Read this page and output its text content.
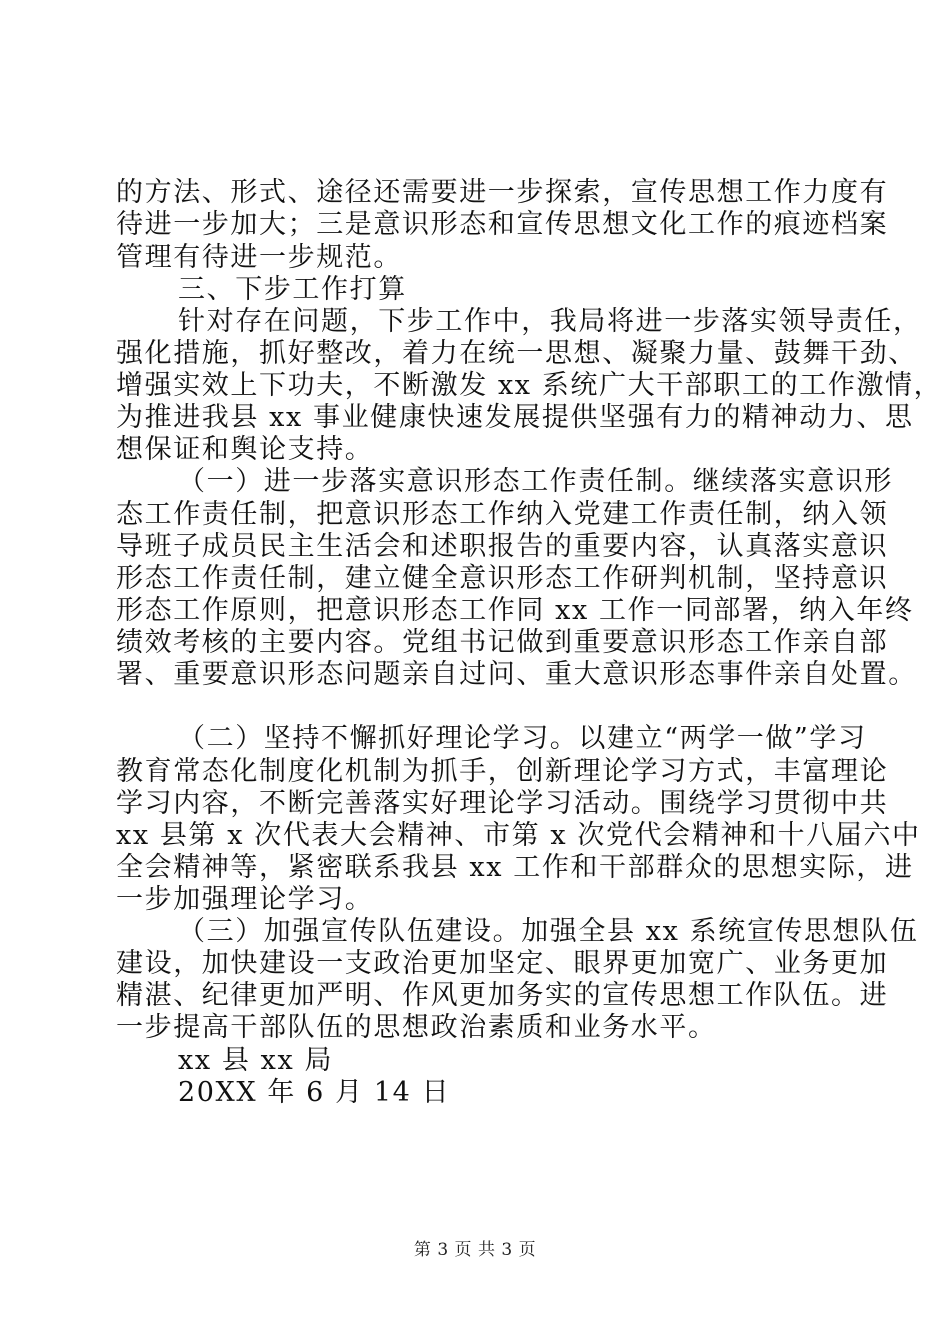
的方法、形式、途径还需要进一步探索，宣传思想工作力度有
待进一步加大；三是意识形态和宣传思想文化工作的痕迹档案
管理有待进一步规范。
三、下步工作打算
针对存在问题，下步工作中，我局将进一步落实领导责任，
强化措施，抓好整改，着力在统一思想、凝聚力量、鼓舞干劲、
增强实效上下功夫，不断激发 xx 系统广大干部职工的工作激情，
为推进我县 xx 事业健康快速发展提供坚强有力的精神动力、思
想保证和舆论支持。
（一）进一步落实意识形态工作责任制。继续落实意识形
态工作责任制，把意识形态工作纳入党建工作责任制，纳入领
导班子成员民主生活会和述职报告的重要内容，认真落实意识
形态工作责任制，建立健全意识形态工作研判机制，坚持意识
形态工作原则，把意识形态工作同 xx 工作一同部署，纳入年终
绩效考核的主要内容。党组书记做到重要意识形态工作亲自部
署、重要意识形态问题亲自过问、重大意识形态事件亲自处置。
（二）坚持不懈抓好理论学习。以建立“两学一做”学习
教育常态化制度化机制为抓手，创新理论学习方式，丰富理论
学习内容，不断完善落实好理论学习活动。围绕学习贯彻中共
xx 县第 x 次代表大会精神、市第 x 次党代会精神和十八届六中
全会精神等，紧密联系我县 xx 工作和干部群众的思想实际，进
一步加强理论学习。
（三）加强宣传队伍建设。加强全县 xx 系统宣传思想队伍
建设，加快建设一支政治更加坚定、眼界更加宽广、业务更加
精湛、纪律更加严明、作风更加务实的宣传思想工作队伍。进
一步提高干部队伍的思想政治素质和业务水平。
xx 县 xx 局
20XX 年 6 月 14 日
第 3 页 共 3 页
